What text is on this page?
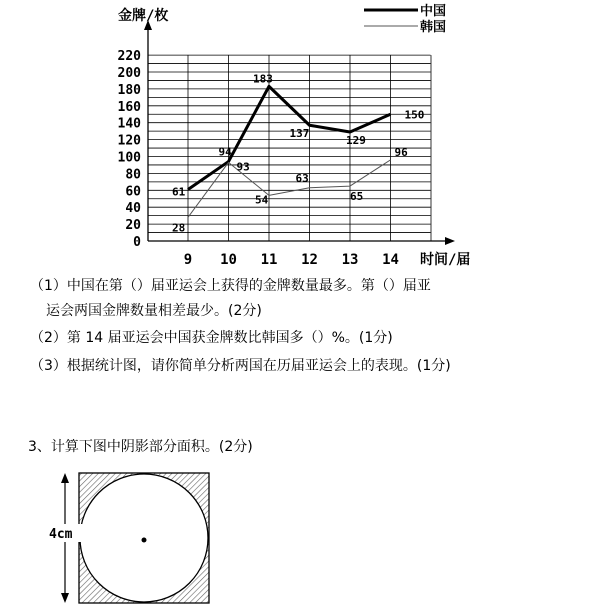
0
20
40
60
80
100
120
140
160
180
200
220
9 10 11 12 13 14
61
94
183
137
129
150
28
93
54
63
65
96
金牌/枚
时间/届
中国
韩国
4cm
（1）中国在第（）届亚运会上获得的金牌数量最多。第（）届亚
运会两国金牌数量相差最少。(2分)
（2）第 14 届亚运会中国获金牌数比韩国多（）%。(1分)
（3）根据统计图，请你简单分析两国在历届亚运会上的表现。(1分)
3、计算下图中阴影部分面积。(2分)
